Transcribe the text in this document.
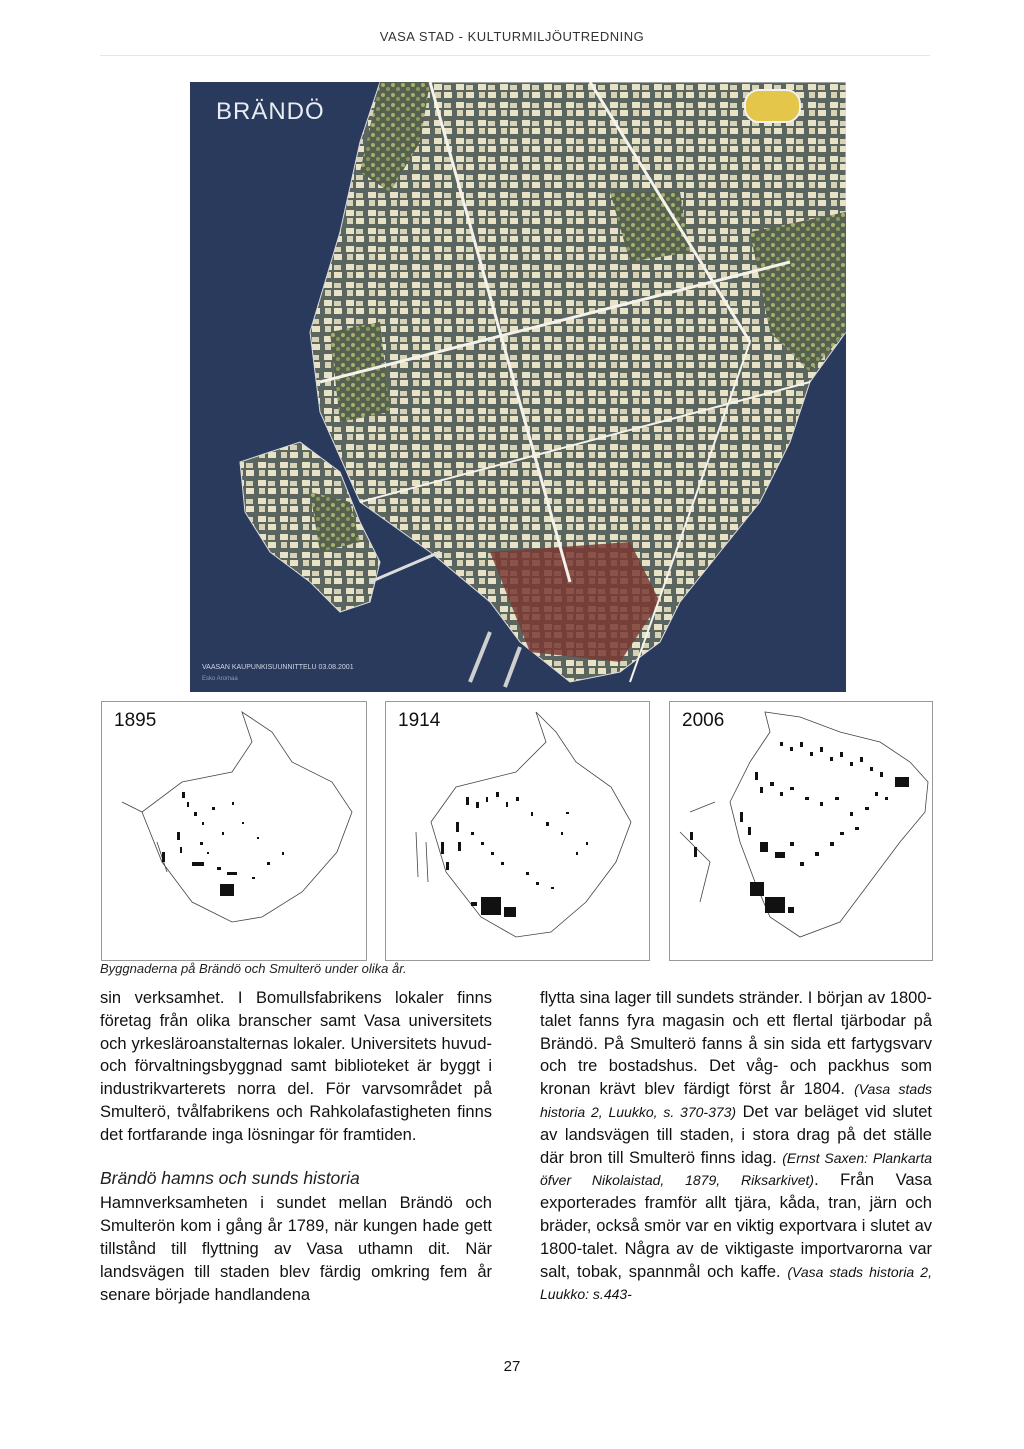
VASA STAD - KULTURMILJÖUTREDNING
BRÄNDÖ
VAASAN KAUPUNKISUUNNITTELU 03.08.2001
Esko Aromaa
1895	1914	2006
Byggnaderna på Brändö och Smulterö under olika år.

sin verksamhet. I Bomullsfabrikens lokaler finns företag från olika branscher samt Vasa universitets och yrkesläroanstalternas lokaler. Universitets huvud- och förvaltningsbyggnad samt biblioteket är byggt i industrikvarterets norra del. För varvsområdet på Smulterö, tvålfabrikens och Rahkolafastigheten finns det fortfarande inga lösningar för framtiden.

Brändö hamns och sunds historia

Hamnverksamheten i sundet mellan Brändö och Smulterön kom i gång år 1789, när kungen hade gett tillstånd till flyttning av Vasa uthamn dit. När landsvägen till staden blev färdig omkring fem år senare började handlandena

flytta sina lager till sundets stränder. I början av 1800-talet fanns fyra magasin och ett flertal tjärbodar på Brändö. På Smulterö fanns å sin sida ett fartygsvarv och tre bostadshus. Det våg- och packhus som kronan krävt blev färdigt först år 1804. (Vasa stads historia 2, Luukko, s. 370-373) Det var beläget vid slutet av landsvägen till staden, i stora drag på det ställe där bron till Smulterö finns idag. (Ernst Saxen: Plankarta öfver Nikolaistad, 1879, Riksarkivet). Från Vasa exporterades framför allt tjära, kåda, tran, järn och bräder, också smör var en viktig exportvara i slutet av 1800-talet. Några av de viktigaste importvarorna var salt, tobak, spannmål och kaffe. (Vasa stads historia 2, Luukko: s.443-

27
